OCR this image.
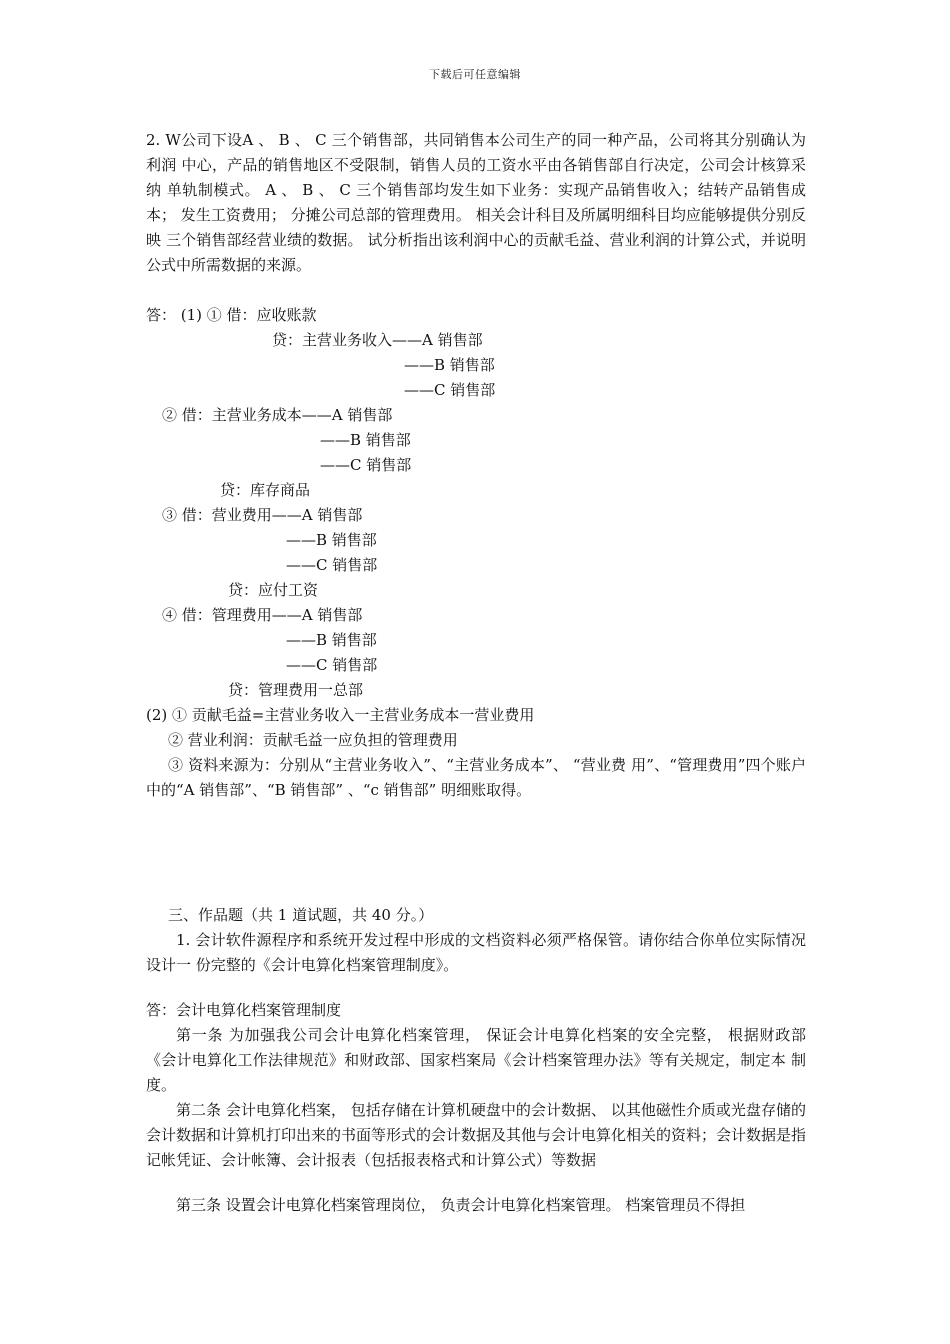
下载后可任意编辑

2. W公司下设A 、 B 、 C 三个销售部，共同销售本公司生产的同一种产品，公司将其分别确认为利润 中心，产品的销售地区不受限制，销售人员的工资水平由各销售部自行决定，公司会计核算采纳 单轨制模式。 A 、 B 、 C 三个销售部均发生如下业务：实现产品销售收入；结转产品销售成本； 发生工资费用； 分摊公司总部的管理费用。 相关会计科目及所属明细科目均应能够提供分别反映 三个销售部经营业绩的数据。 试分析指出该利润中心的贡献毛益、营业利润的计算公式，并说明公式中所需数据的来源。

答： (1) ① 借：应收账款

贷：主营业务收入——A 销售部

——B 销售部

——C 销售部

② 借：主营业务成本——A 销售部

——B 销售部

——C 销售部

贷：库存商品

③ 借：营业费用——A 销售部

——B 销售部

——C 销售部

贷：应付工资

④ 借：管理费用——A 销售部

——B 销售部

——C 销售部

贷：管理费用一总部

(2) ① 贡献毛益=主营业务收入一主营业务成本一营业费用

② 营业利润：贡献毛益一应负担的管理费用

③ 资料来源为：分别从“主营业务收入”、“主营业务成本”、 “营业费 用”、“管理费用”四个账户中的“A 销售部”、“B 销售部” 、“c 销售部” 明细账取得。

三、作品题（共 1 道试题，共 40 分。）

1. 会计软件源程序和系统开发过程中形成的文档资料必须严格保管。请你结合你单位实际情况设计一 份完整的《会计电算化档案管理制度》。

答：会计电算化档案管理制度

第一条 为加强我公司会计电算化档案管理， 保证会计电算化档案的安全完整， 根据财政部 《会计电算化工作法律规范》和财政部、国家档案局《会计档案管理办法》等有关规定，制定本 制度。

第二条 会计电算化档案， 包括存储在计算机硬盘中的会计数据、 以其他磁性介质或光盘存储的会计数据和计算机打印出来的书面等形式的会计数据及其他与会计电算化相关的资料；会计数据是指记帐凭证、会计帐簿、会计报表（包括报表格式和计算公式）等数据

第三条 设置会计电算化档案管理岗位， 负责会计电算化档案管理。 档案管理员不得担
